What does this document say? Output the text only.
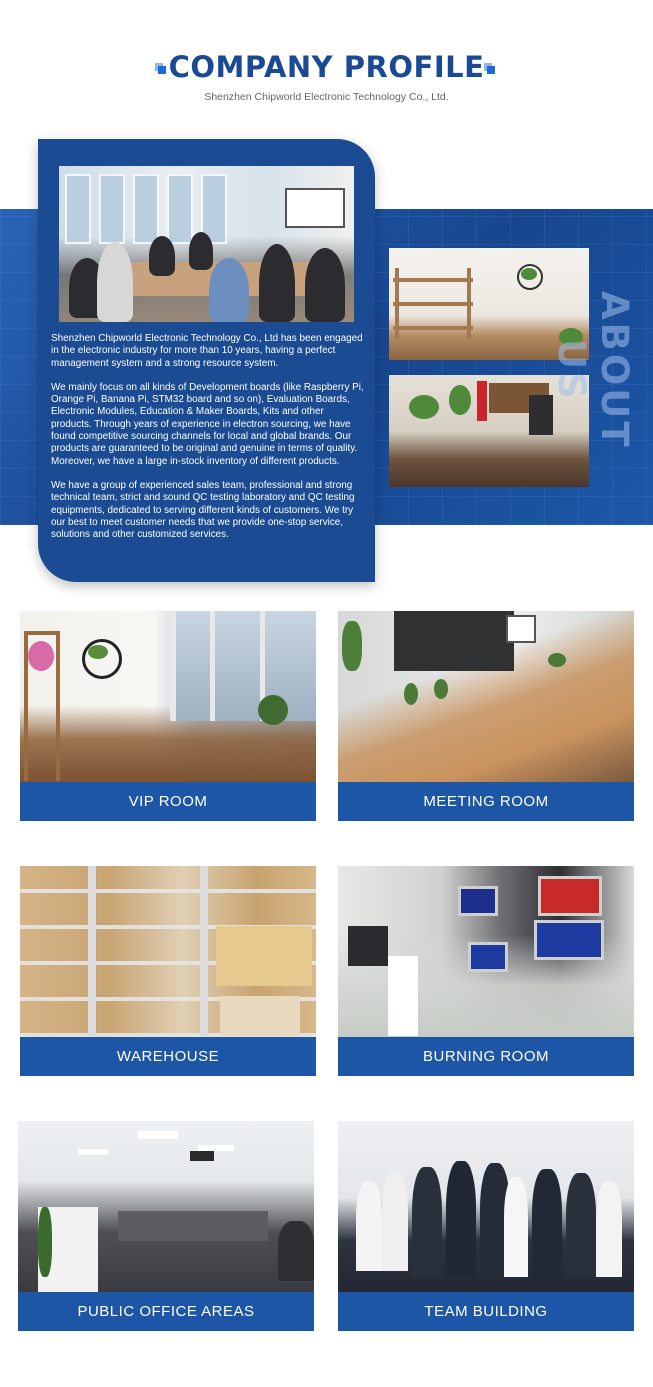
COMPANY PROFILE
Shenzhen Chipworld Electronic Technology Co., Ltd.

Shenzhen Chipworld Electronic Technology Co., Ltd has been engaged in the electronic industry for more than 10 years, having a perfect management system and a strong resource system.

We mainly focus on all kinds of Development boards (like Raspberry Pi, Orange Pi, Banana Pi, STM32 board and so on), Evaluation Boards, Electronic Modules, Education & Maker Boards, Kits and other products. Through years of experience in electron sourcing, we have found competitive sourcing channels for local and global brands. Our products are guaranteed to be original and genuine in terms of quality. Moreover, we have a large in-stock inventory of different products.

We have a group of experienced sales team, professional and strong technical team, strict and sound QC testing laboratory and QC testing equipments, dedicated to serving different kinds of customers. We try our best to meet customer needs that we provide one-stop service, solutions and other customized services.

ABOUT US
VIP ROOM	MEETING ROOM
WAREHOUSE	BURNING ROOM
PUBLIC OFFICE AREAS	TEAM BUILDING
